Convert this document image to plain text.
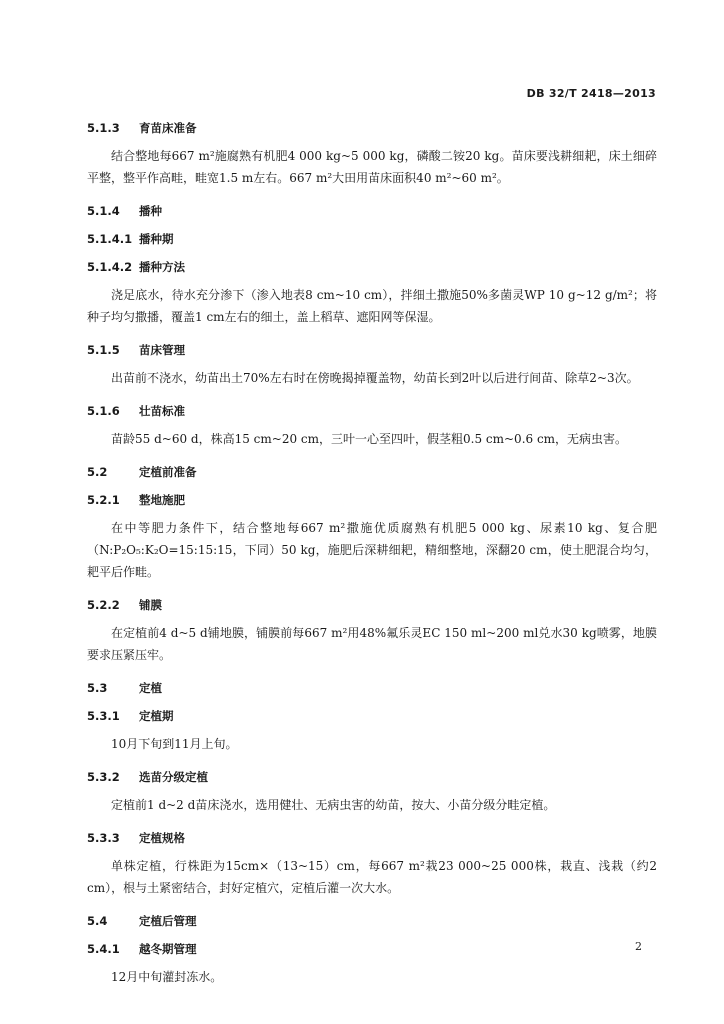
DB 32/T 2418—2013
5.1.3 育苗床准备
结合整地每667 m²施腐熟有机肥4 000 kg~5 000 kg，磷酸二铵20 kg。苗床要浅耕细耙，床土细碎平整，整平作高畦，畦宽1.5 m左右。667 m²大田用苗床面积40 m²~60 m²。
5.1.4 播种
5.1.4.1 播种期
5.1.4.2 播种方法
浇足底水，待水充分渗下（渗入地表8 cm~10 cm），拌细土撒施50%多菌灵WP 10 g~12 g/m²；将种子均匀撒播，覆盖1 cm左右的细土，盖上稻草、遮阳网等保湿。
5.1.5 苗床管理
出苗前不浇水，幼苗出土70%左右时在傍晚揭掉覆盖物，幼苗长到2叶以后进行间苗、除草2~3次。
5.1.6 壮苗标准
苗龄55 d~60 d，株高15 cm~20 cm，三叶一心至四叶，假茎粗0.5 cm~0.6 cm，无病虫害。
5.2	定植前准备
5.2.1 整地施肥
在中等肥力条件下，结合整地每667 m²撒施优质腐熟有机肥5 000 kg、尿素10 kg、复合肥（N:P₂O₅:K₂O=15:15:15，下同）50 kg，施肥后深耕细耙，精细整地，深翻20 cm，使土肥混合均匀，耙平后作畦。
5.2.2 铺膜
在定植前4 d~5 d铺地膜，铺膜前每667 m²用48%氟乐灵EC 150 ml~200 ml兑水30 kg喷雾，地膜要求压紧压牢。
5.3	定植
5.3.1 定植期
10月下旬到11月上旬。
5.3.2 选苗分级定植
定植前1 d~2 d苗床浇水，选用健壮、无病虫害的幼苗，按大、小苗分级分畦定植。
5.3.3 定植规格
单株定植，行株距为15cm×（13~15）cm，每667 m²栽23 000~25 000株，栽直、浅栽（约2 cm），根与土紧密结合，封好定植穴，定植后灌一次大水。
5.4	定植后管理
5.4.1 越冬期管理
12月中旬灌封冻水。
2
